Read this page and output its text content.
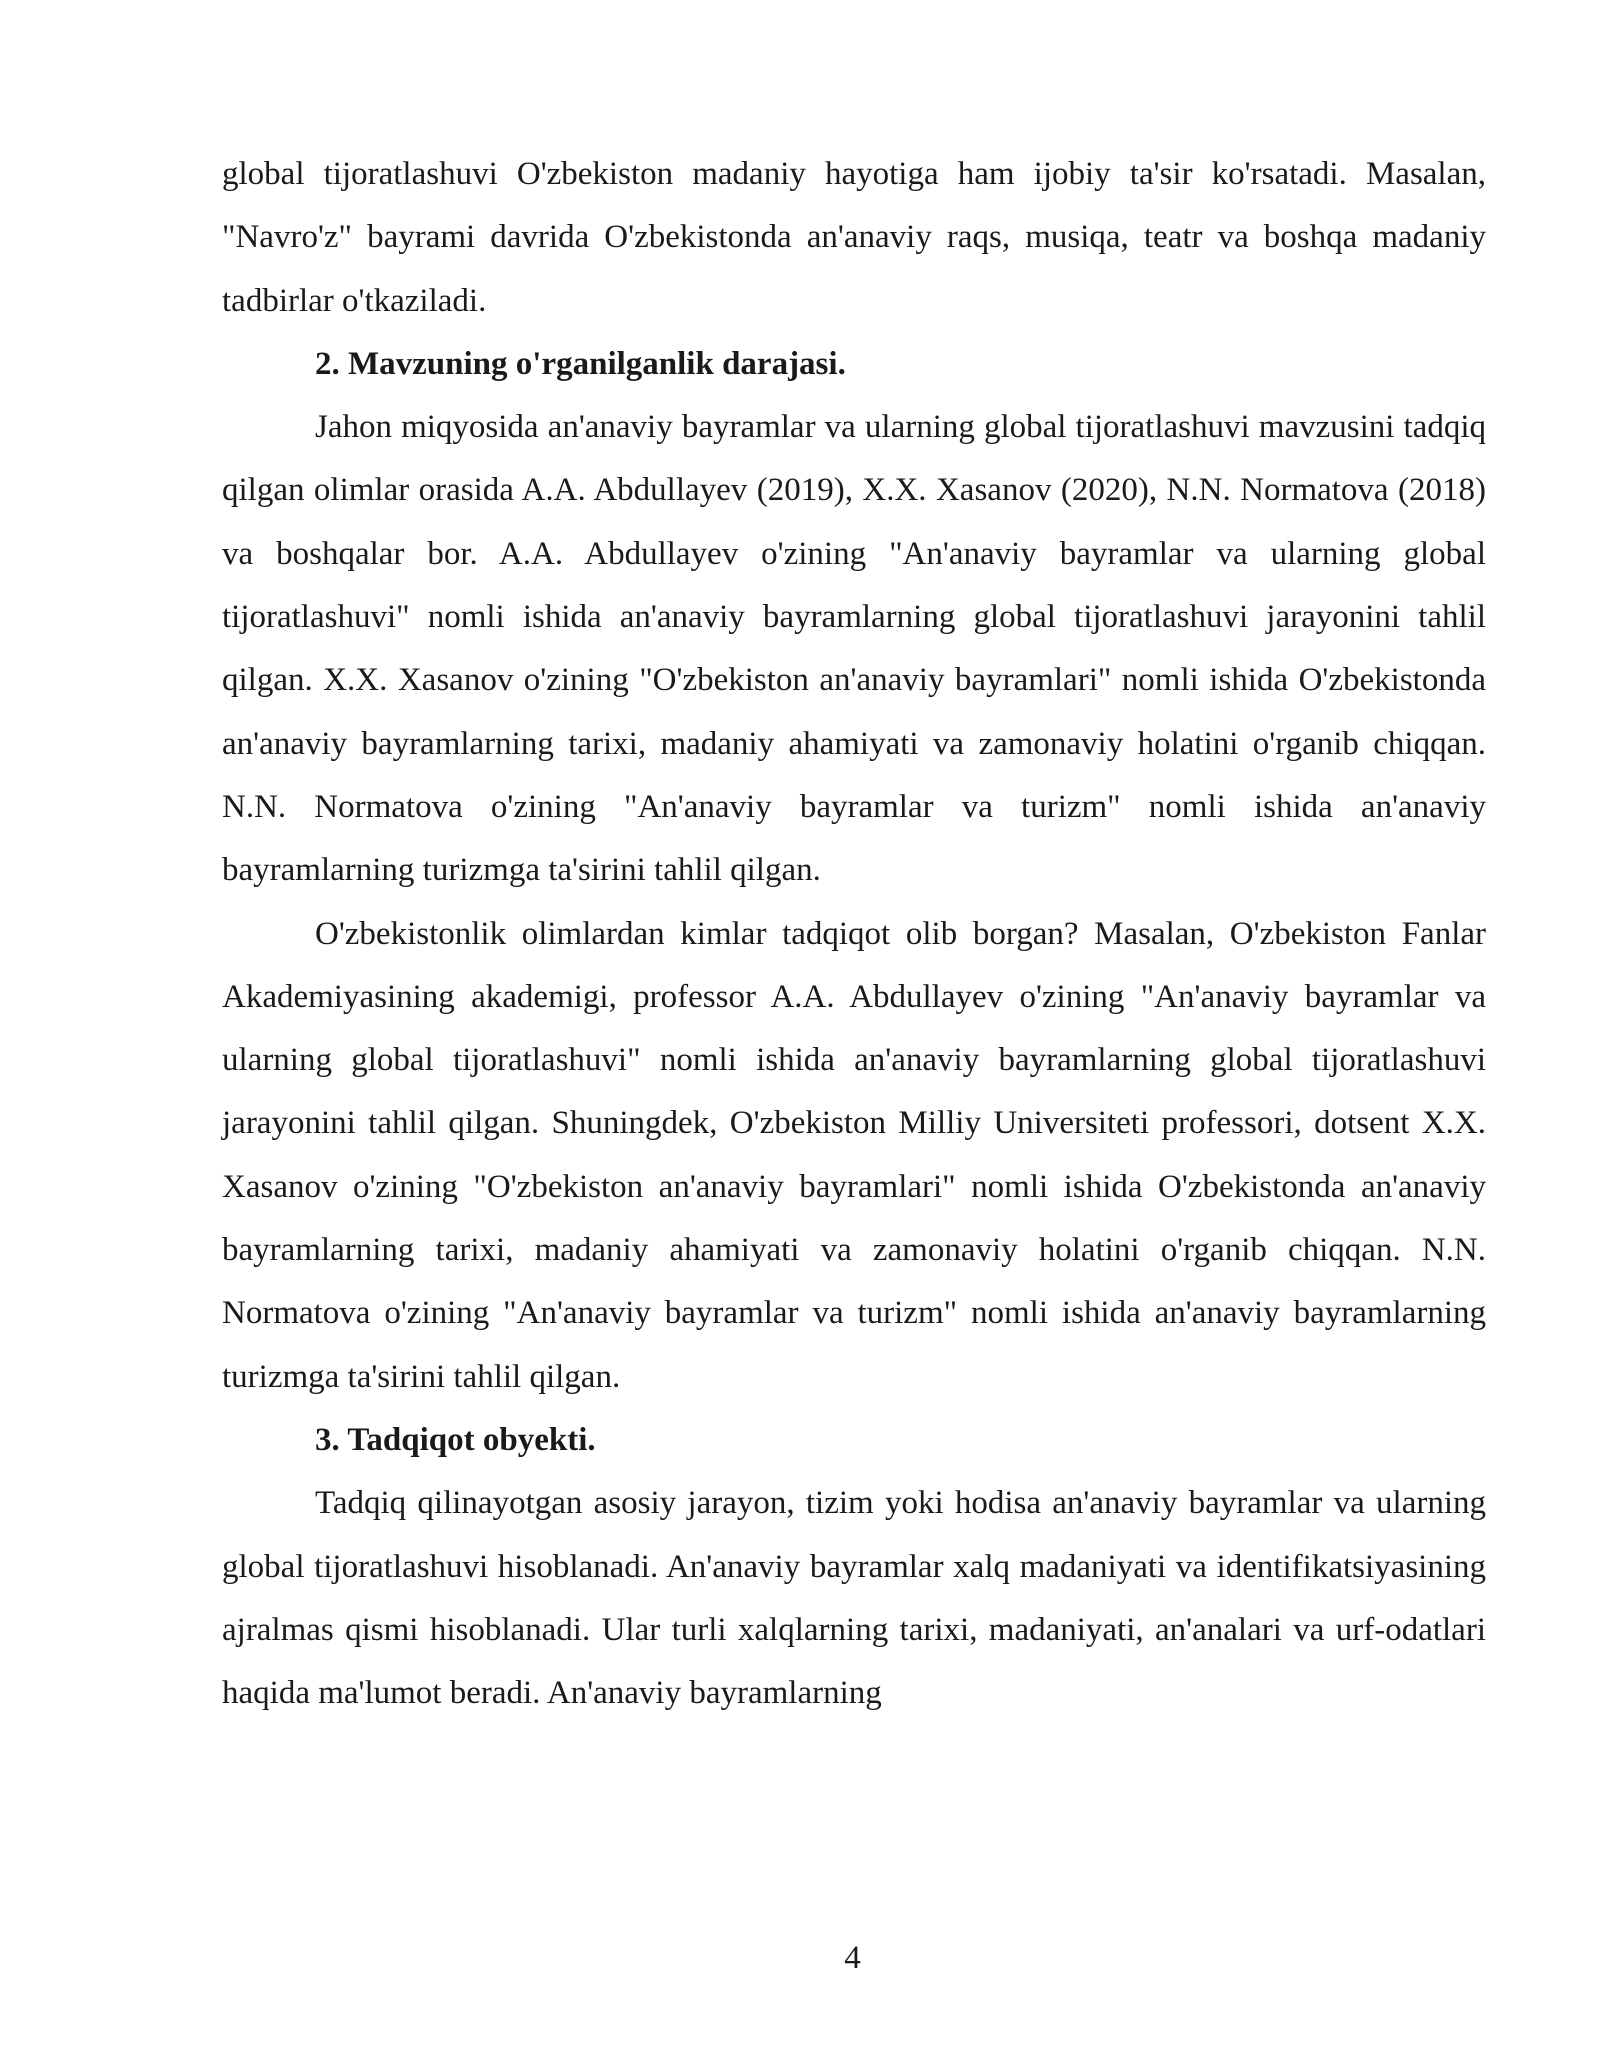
global tijoratlashuvi O'zbekiston madaniy hayotiga ham ijobiy ta'sir ko'rsatadi. Masalan, "Navro'z" bayrami davrida O'zbekistonda an'anaviy raqs, musiqa, teatr va boshqa madaniy tadbirlar o'tkaziladi.

2. Mavzuning o'rganilganlik darajasi.

Jahon miqyosida an'anaviy bayramlar va ularning global tijoratlashuvi mavzusini tadqiq qilgan olimlar orasida A.A. Abdullayev (2019), X.X. Xasanov (2020), N.N. Normatova (2018) va boshqalar bor. A.A. Abdullayev o'zining "An'anaviy bayramlar va ularning global tijoratlashuvi" nomli ishida an'anaviy bayramlarning global tijoratlashuvi jarayonini tahlil qilgan. X.X. Xasanov o'zining "O'zbekiston an'anaviy bayramlari" nomli ishida O'zbekistonda an'anaviy bayramlarning tarixi, madaniy ahamiyati va zamonaviy holatini o'rganib chiqqan. N.N. Normatova o'zining "An'anaviy bayramlar va turizm" nomli ishida an'anaviy bayramlarning turizmga ta'sirini tahlil qilgan.

O'zbekistonlik olimlardan kimlar tadqiqot olib borgan? Masalan, O'zbekiston Fanlar Akademiyasining akademigi, professor A.A. Abdullayev o'zining "An'anaviy bayramlar va ularning global tijoratlashuvi" nomli ishida an'anaviy bayramlarning global tijoratlashuvi jarayonini tahlil qilgan. Shuningdek, O'zbekiston Milliy Universiteti professori, dotsent X.X. Xasanov o'zining "O'zbekiston an'anaviy bayramlari" nomli ishida O'zbekistonda an'anaviy bayramlarning tarixi, madaniy ahamiyati va zamonaviy holatini o'rganib chiqqan. N.N. Normatova o'zining "An'anaviy bayramlar va turizm" nomli ishida an'anaviy bayramlarning turizmga ta'sirini tahlil qilgan.

3. Tadqiqot obyekti.

Tadqiq qilinayotgan asosiy jarayon, tizim yoki hodisa an'anaviy bayramlar va ularning global tijoratlashuvi hisoblanadi. An'anaviy bayramlar xalq madaniyati va identifikatsiyasining ajralmas qismi hisoblanadi. Ular turli xalqlarning tarixi, madaniyati, an'analari va urf-odatlari haqida ma'lumot beradi. An'anaviy bayramlarning

4
